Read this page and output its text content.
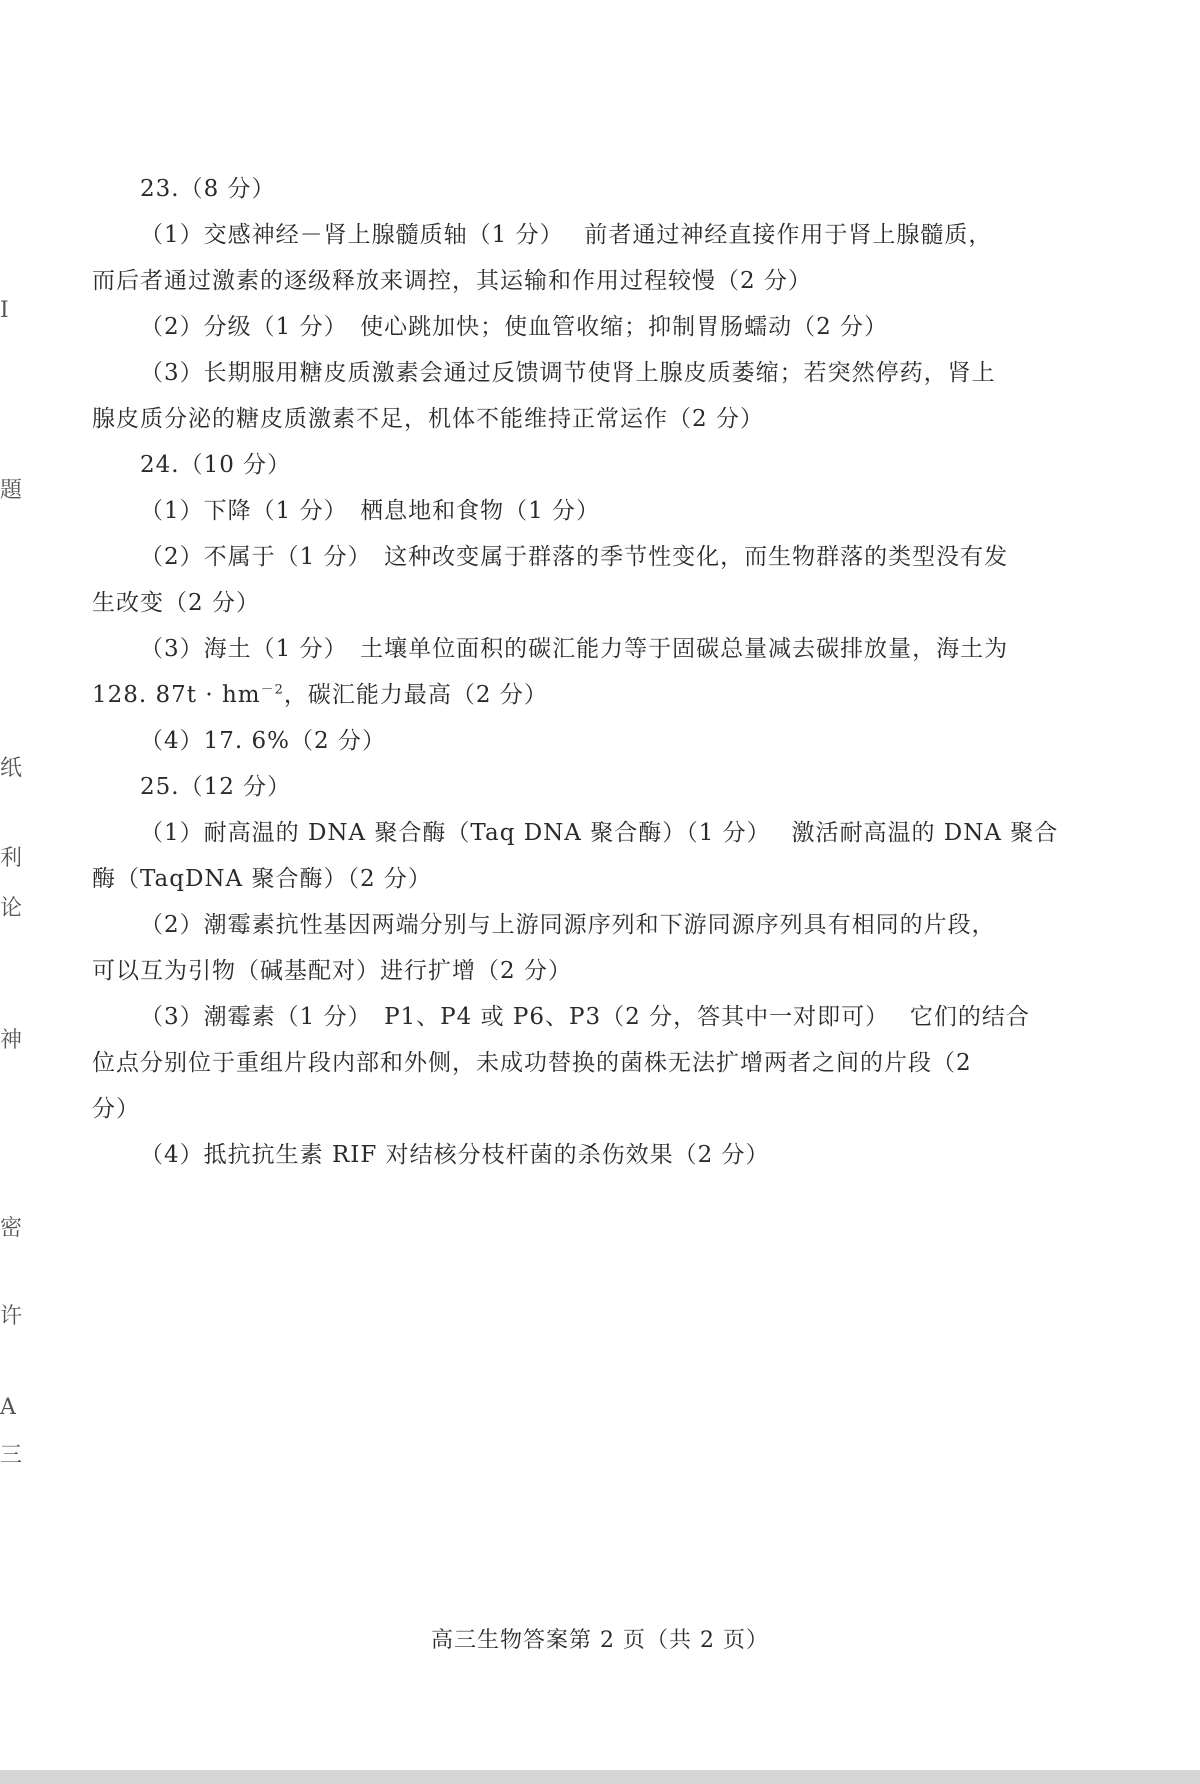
I
題
纸
利
论
神
密
许
A
三
23.（8 分）
（1）交感神经－肾上腺髓质轴（1 分）　 前者通过神经直接作用于肾上腺髓质，
而后者通过激素的逐级释放来调控，其运输和作用过程较慢（2 分）
（2）分级（1 分）　使心跳加快；使血管收缩；抑制胃肠蠕动（2 分）
（3）长期服用糖皮质激素会通过反馈调节使肾上腺皮质萎缩；若突然停药，肾上
腺皮质分泌的糖皮质激素不足，机体不能维持正常运作（2 分）
24.（10 分）
（1）下降（1 分）　栖息地和食物（1 分）
（2）不属于（1 分）　这种改变属于群落的季节性变化，而生物群落的类型没有发
生改变（2 分）
（3）海土（1 分）　土壤单位面积的碳汇能力等于固碳总量减去碳排放量，海土为
128. $87t \cdot hm^{-2}$，碳汇能力最高（2 分）
（4）17. 6%（2 分）
25.（12 分）
（1）耐高温的 DNA 聚合酶（Taq DNA 聚合酶）（1 分）　 激活耐高温的 DNA 聚合
酶（TaqDNA 聚合酶）（2 分）
（2）潮霉素抗性基因两端分别与上游同源序列和下游同源序列具有相同的片段，
可以互为引物（碱基配对）进行扩增（2 分）
（3）潮霉素（1 分）　P1、P4 或 P6、P3（2 分，答其中一对即可）　 它们的结合
位点分别位于重组片段内部和外侧，未成功替换的菌株无法扩增两者之间的片段（2
分）
（4）抵抗抗生素 RIF 对结核分枝杆菌的杀伤效果（2 分）
高三生物答案第 2 页（共 2 页）
